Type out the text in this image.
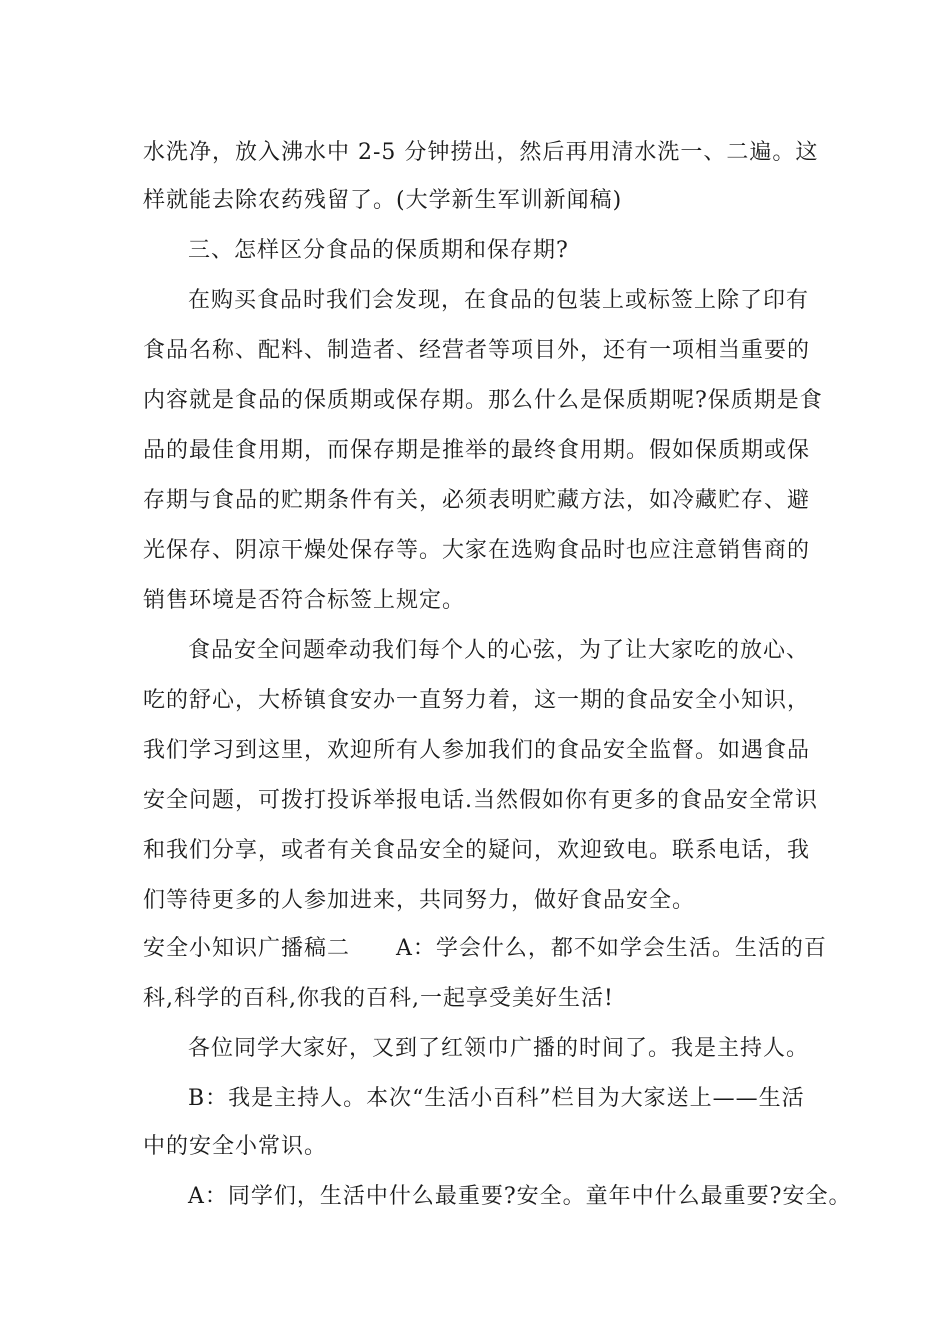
水洗净，放入沸水中 2-5 分钟捞出，然后再用清水洗一、二遍。这
样就能去除农药残留了。(大学新生军训新闻稿)
三、怎样区分食品的保质期和保存期?
在购买食品时我们会发现，在食品的包装上或标签上除了印有
食品名称、配料、制造者、经营者等项目外，还有一项相当重要的
内容就是食品的保质期或保存期。那么什么是保质期呢?保质期是食
品的最佳食用期，而保存期是推举的最终食用期。假如保质期或保
存期与食品的贮期条件有关，必须表明贮藏方法，如冷藏贮存、避
光保存、阴凉干燥处保存等。大家在选购食品时也应注意销售商的
销售环境是否符合标签上规定。
食品安全问题牵动我们每个人的心弦，为了让大家吃的放心、
吃的舒心，大桥镇食安办一直努力着，这一期的食品安全小知识，
我们学习到这里，欢迎所有人参加我们的食品安全监督。如遇食品
安全问题，可拨打投诉举报电话.当然假如你有更多的食品安全常识
和我们分享，或者有关食品安全的疑问，欢迎致电。联系电话，我
们等待更多的人参加进来，共同努力，做好食品安全。
安全小知识广播稿二　　A：学会什么，都不如学会生活。生活的百
科,科学的百科,你我的百科,一起享受美好生活!
各位同学大家好，又到了红领巾广播的时间了。我是主持人。
B：我是主持人。本次“生活小百科”栏目为大家送上——生活
中的安全小常识。
A：同学们，生活中什么最重要?安全。童年中什么最重要?安全。
